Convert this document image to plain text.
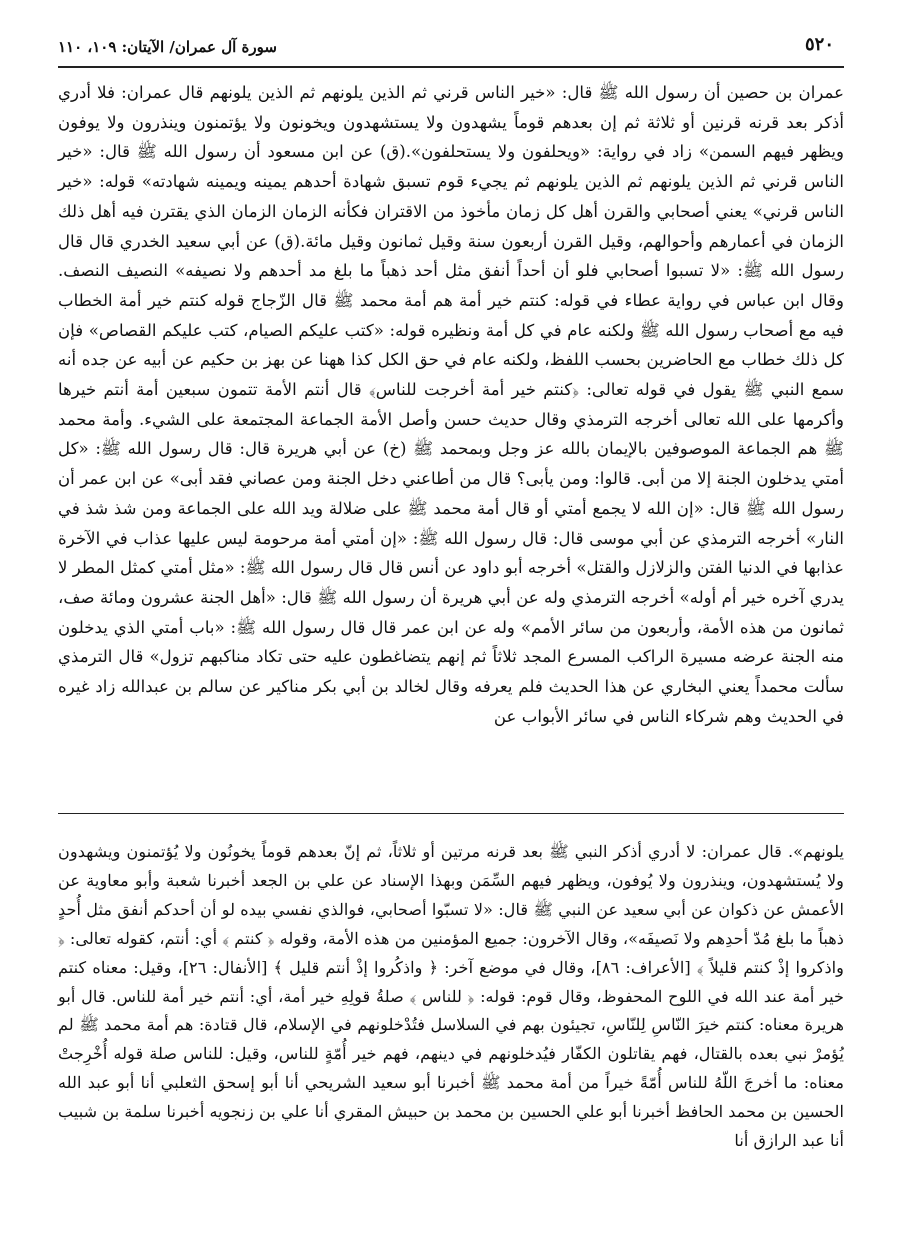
٥٢٠
سورة آل عمران/ الآيتان: ١٠٩، ١١٠

عمران بن حصين أن رسول الله ﷺ قال: «خير الناس قرني ثم الذين يلونهم ثم الذين يلونهم قال عمران: فلا أدري أذكر بعد قرنه قرنين أو ثلاثة ثم إن بعدهم قوماً يشهدون ولا يستشهدون ويخونون ولا يؤتمنون وينذرون ولا يوفون ويظهر فيهم السمن» زاد في رواية: «ويحلفون ولا يستحلفون».(ق) عن ابن مسعود أن رسول الله ﷺ قال: «خير الناس قرني ثم الذين يلونهم ثم الذين يلونهم ثم يجيء قوم تسبق شهادة أحدهم يمينه ويمينه شهادته» قوله: «خير الناس قرني» يعني أصحابي والقرن أهل كل زمان مأخوذ من الاقتران فكأنه الزمان الزمان الذي يقترن فيه أهل ذلك الزمان في أعمارهم وأحوالهم، وقيل القرن أربعون سنة وقيل ثمانون وقيل مائة.(ق) عن أبي سعيد الخدري قال قال رسول الله ﷺ: «لا تسبوا أصحابي فلو أن أحداً أنفق مثل أحد ذهباً ما بلغ مد أحدهم ولا نصيفه» النصيف النصف. وقال ابن عباس في رواية عطاء في قوله: كنتم خير أمة هم أمة محمد ﷺ قال الزّجاج قوله كنتم خير أمة الخطاب فيه مع أصحاب رسول الله ﷺ ولكنه عام في كل أمة ونظيره قوله: «كتب عليكم الصيام، كتب عليكم القصاص» فإن كل ذلك خطاب مع الحاضرين بحسب اللفظ، ولكنه عام في حق الكل كذا ههنا عن بهز بن حكيم عن أبيه عن جده أنه سمع النبي ﷺ يقول في قوله تعالى: ﴿كنتم خير أمة أخرجت للناس﴾ قال أنتم الأمة تتمون سبعين أمة أنتم خيرها وأكرمها على الله تعالى أخرجه الترمذي وقال حديث حسن وأصل الأمة الجماعة المجتمعة على الشيء. وأمة محمد ﷺ هم الجماعة الموصوفين بالإيمان بالله عز وجل وبمحمد ﷺ (خ) عن أبي هريرة قال: قال رسول الله ﷺ: «كل أمتي يدخلون الجنة إلا من أبى. قالوا: ومن يأبى؟ قال من أطاعني دخل الجنة ومن عصاني فقد أبى» عن ابن عمر أن رسول الله ﷺ قال: «إن الله لا يجمع أمتي أو قال أمة محمد ﷺ على ضلالة ويد الله على الجماعة ومن شذ شذ في النار» أخرجه الترمذي عن أبي موسى قال: قال رسول الله ﷺ: «إن أمتي أمة مرحومة ليس عليها عذاب في الآخرة عذابها في الدنيا الفتن والزلازل والقتل» أخرجه أبو داود عن أنس قال قال رسول الله ﷺ: «مثل أمتي كمثل المطر لا يدري آخره خير أم أوله» أخرجه الترمذي وله عن أبي هريرة أن رسول الله ﷺ قال: «أهل الجنة عشرون ومائة صف، ثمانون من هذه الأمة، وأربعون من سائر الأمم» وله عن ابن عمر قال قال رسول الله ﷺ: «باب أمتي الذي يدخلون منه الجنة عرضه مسيرة الراكب المسرع المجد ثلاثاً ثم إنهم يتضاغطون عليه حتى تكاد مناكبهم تزول» قال الترمذي سألت محمداً يعني البخاري عن هذا الحديث فلم يعرفه وقال لخالد بن أبي بكر مناكير عن سالم بن عبدالله زاد غيره في الحديث وهم شركاء الناس في سائر الأبواب عن

يلونهم». قال عمران: لا أدري أذكر النبي ﷺ بعد قرنه مرتين أو ثلاثاً، ثم إنّ بعدهم قوماً يخونُون ولا يُؤتمنون ويشهدون ولا يُستشهدون، وينذرون ولا يُوفون، ويظهر فيهم السِّمَن وبهذا الإسناد عن علي بن الجعد أخبرنا شعبة وأبو معاوية عن الأعمش عن ذكوان عن أبي سعيد عن النبي ﷺ قال: «لا تسبّوا أصحابي، فوالذي نفسي بيده لو أن أحدكم أنفق مثل أُحدٍ ذهباً ما بلغ مُدّ أحدِهم ولا نَصيفَه»، وقال الآخرون: جميع المؤمنين من هذه الأمة، وقوله ﴿ كنتم ﴾ أي: أنتم، كقوله تعالى: ﴿ واذكروا إذْ كنتم قليلاً ﴾ [الأعراف: ٨٦]، وقال في موضع آخر: ﴿ واذكُروا إذْ أنتم قليل ﴾ [الأنفال: ٢٦]، وقيل: معناه كنتم خير أمة عند الله في اللوح المحفوظ، وقال قوم: قوله: ﴿ للناس ﴾ صلةُ قولِهِ خير أمة، أي: أنتم خير أمة للناس. قال أبو هريرة معناه: كنتم خيرَ النّاسِ لِلنّاسِ، تجيئون بهم في السلاسل فتُدْخلونهم في الإسلام، قال قتادة: هم أمة محمد ﷺ لم يُؤمرْ نبي بعده بالقتال، فهم يقاتلون الكفّار فيُدخلونهم في دينهم، فهم خير أُمّةٍ للناس، وقيل: للناس صلة قوله أُخْرِجتْ معناه: ما أخرجَ اللّهُ للناس أُمّةً خيراً من أمة محمد ﷺ أخبرنا أبو سعيد الشريحي أنا أبو إسحق الثعلبي أنا أبو عبد الله الحسين بن محمد الحافظ أخبرنا أبو علي الحسين بن محمد بن حبيش المقري أنا علي بن زنجويه أخبرنا سلمة بن شبيب أنا عبد الرازق أنا
